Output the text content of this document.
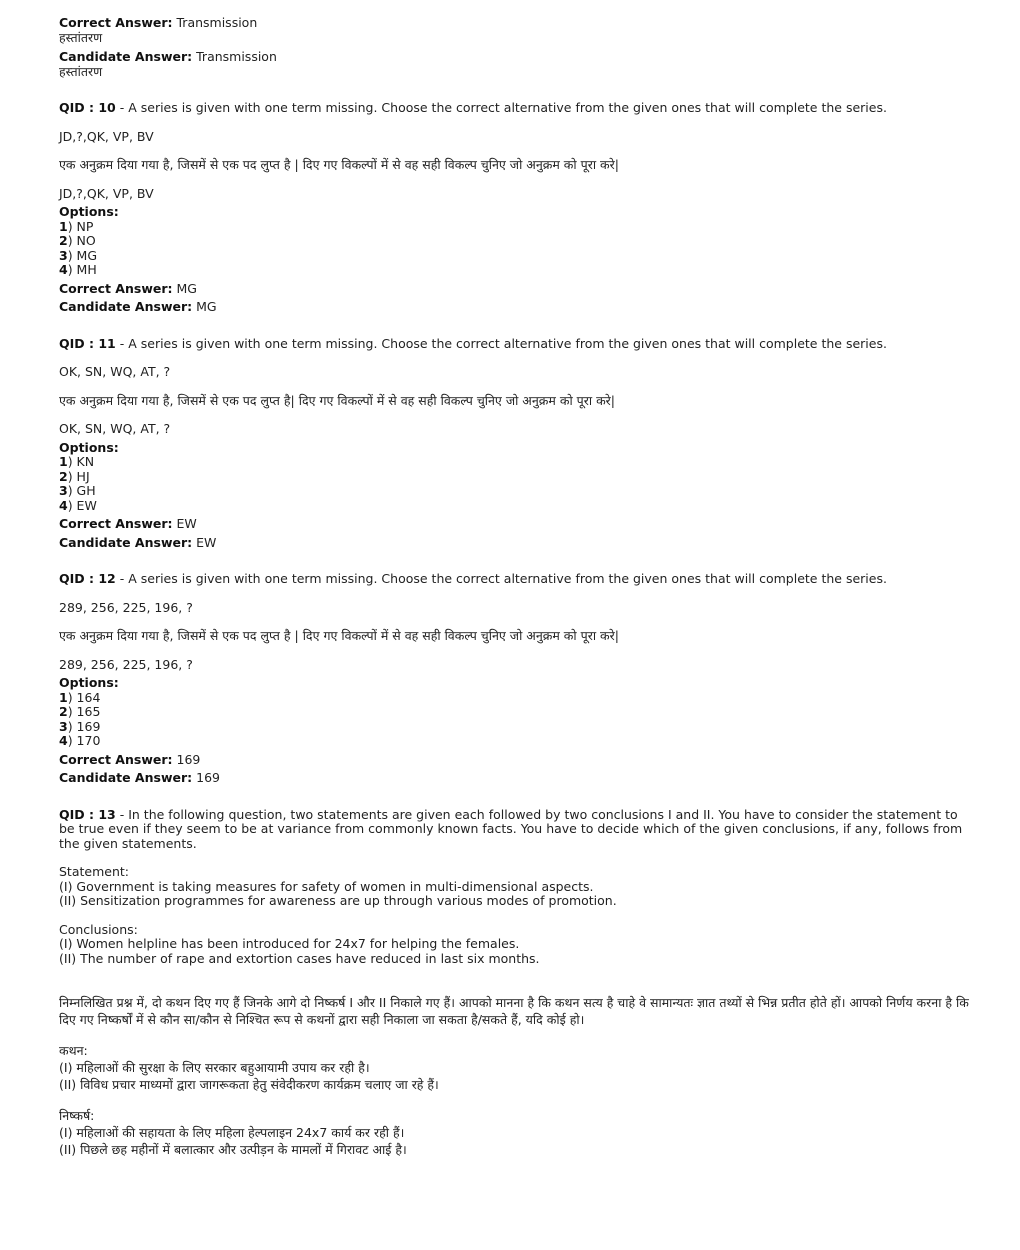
Correct Answer: Transmission

हस्तांतरण

Candidate Answer: Transmission

हस्तांतरण

QID : 10 - A series is given with one term missing. Choose the correct alternative from the given ones that will complete the series.

JD,?,QK, VP, BV

एक अनुक्रम दिया गया है, जिसमें से एक पद लुप्त है | दिए गए विकल्पों में से वह सही विकल्प चुनिए जो अनुक्रम को पूरा करे|

JD,?,QK, VP, BV

Options:

1) NP

2) NO

3) MG

4) MH

Correct Answer: MG

Candidate Answer: MG

QID : 11 - A series is given with one term missing. Choose the correct alternative from the given ones that will complete the series.

OK, SN, WQ, AT, ?

एक अनुक्रम दिया गया है, जिसमें से एक पद लुप्त है| दिए गए विकल्पों में से वह सही विकल्प चुनिए जो अनुक्रम को पूरा करे|

OK, SN, WQ, AT, ?

Options:

1) KN

2) HJ

3) GH

4) EW

Correct Answer: EW

Candidate Answer: EW

QID : 12 - A series is given with one term missing. Choose the correct alternative from the given ones that will complete the series.

289, 256, 225, 196, ?

एक अनुक्रम दिया गया है, जिसमें से एक पद लुप्त है | दिए गए विकल्पों में से वह सही विकल्प चुनिए जो अनुक्रम को पूरा करे|

289, 256, 225, 196, ?

Options:

1) 164

2) 165

3) 169

4) 170

Correct Answer: 169

Candidate Answer: 169

QID : 13 - In the following question, two statements are given each followed by two conclusions I and II. You have to consider the statement to be true even if they seem to be at variance from commonly known facts. You have to decide which of the given conclusions, if any, follows from the given statements.

Statement:

(I) Government is taking measures for safety of women in multi-dimensional aspects.

(II) Sensitization programmes for awareness are up through various modes of promotion.

Conclusions:

(I) Women helpline has been introduced for 24x7 for helping the females.

(II) The number of rape and extortion cases have reduced in last six months.

निम्नलिखित प्रश्न में, दो कथन दिए गए हैं जिनके आगे दो निष्कर्ष I और II निकाले गए हैं। आपको मानना है कि कथन सत्य है चाहे वे सामान्यतः ज्ञात तथ्यों से भिन्न प्रतीत होते हों। आपको निर्णय करना है कि दिए गए निष्कर्षों में से कौन सा/कौन से निश्चित रूप से कथनों द्वारा सही निकाला जा सकता है/सकते हैं, यदि कोई हो।

कथन:

(I) महिलाओं की सुरक्षा के लिए सरकार बहुआयामी उपाय कर रही है।

(II) विविध प्रचार माध्यमों द्वारा जागरूकता हेतु संवेदीकरण कार्यक्रम चलाए जा रहे हैं।

निष्कर्ष:

(I) महिलाओं की सहायता के लिए महिला हेल्पलाइन 24x7 कार्य कर रही हैं।

(II) पिछले छह महीनों में बलात्कार और उत्पीड़न के मामलों में गिरावट आई है।
